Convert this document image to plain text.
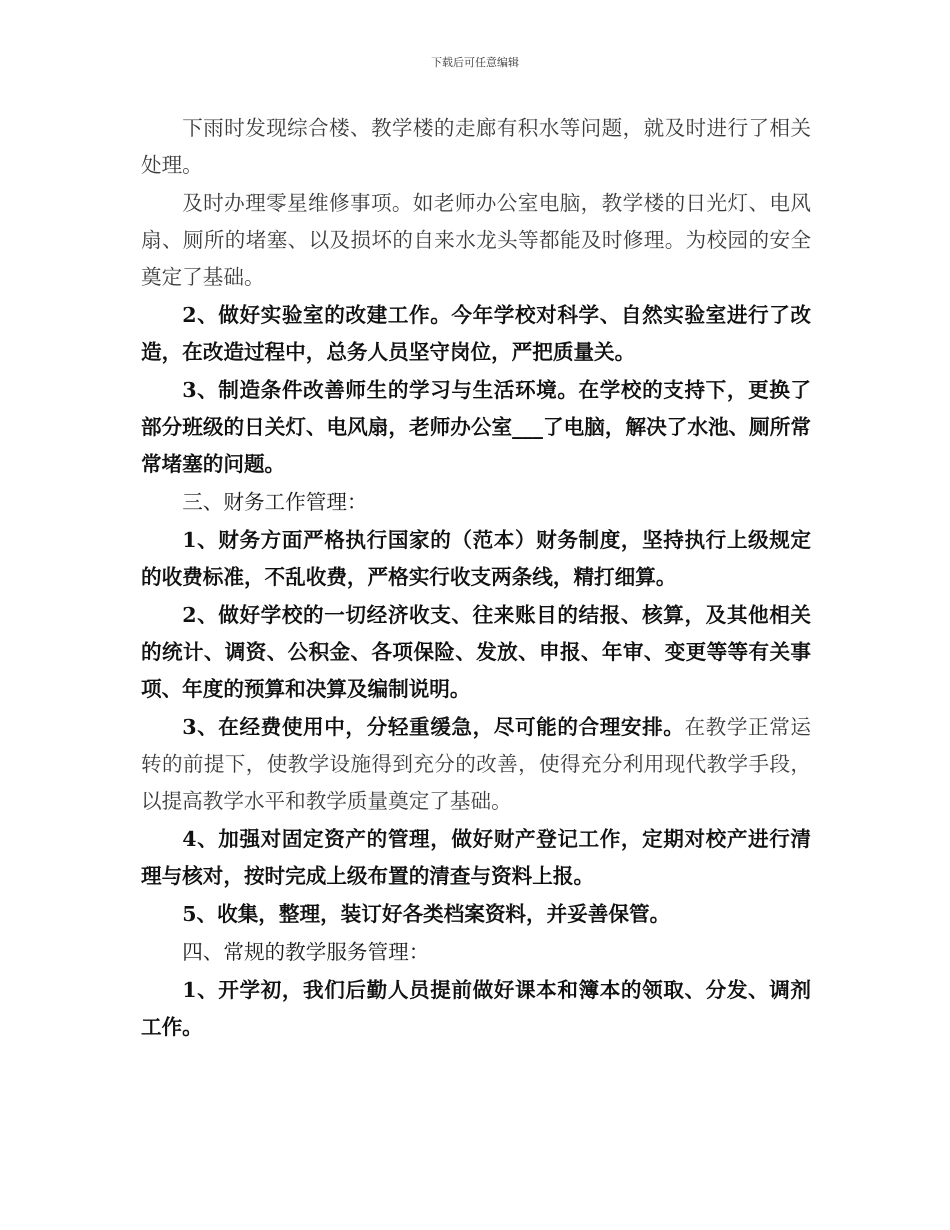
下载后可任意编辑

下雨时发现综合楼、教学楼的走廊有积水等问题，就及时进行了相关处理。

及时办理零星维修事项。如老师办公室电脑，教学楼的日光灯、电风扇、厕所的堵塞、以及损坏的自来水龙头等都能及时修理。为校园的安全奠定了基础。

2、做好实验室的改建工作。今年学校对科学、自然实验室进行了改造，在改造过程中，总务人员坚守岗位，严把质量关。

3、制造条件改善师生的学习与生活环境。在学校的支持下，更换了部分班级的日关灯、电风扇，老师办公室___了电脑，解决了水池、厕所常常堵塞的问题。

三、财务工作管理：

1、财务方面严格执行国家的（范本）财务制度，坚持执行上级规定的收费标准，不乱收费，严格实行收支两条线，精打细算。

2、做好学校的一切经济收支、往来账目的结报、核算，及其他相关的统计、调资、公积金、各项保险、发放、申报、年审、变更等等有关事项、年度的预算和决算及编制说明。

3、在经费使用中，分轻重缓急，尽可能的合理安排。在教学正常运转的前提下，使教学设施得到充分的改善，使得充分利用现代教学手段，以提高教学水平和教学质量奠定了基础。

4、加强对固定资产的管理，做好财产登记工作，定期对校产进行清理与核对，按时完成上级布置的清查与资料上报。

5、收集，整理，装订好各类档案资料，并妥善保管。

四、常规的教学服务管理：

1、开学初，我们后勤人员提前做好课本和簿本的领取、分发、调剂工作。
